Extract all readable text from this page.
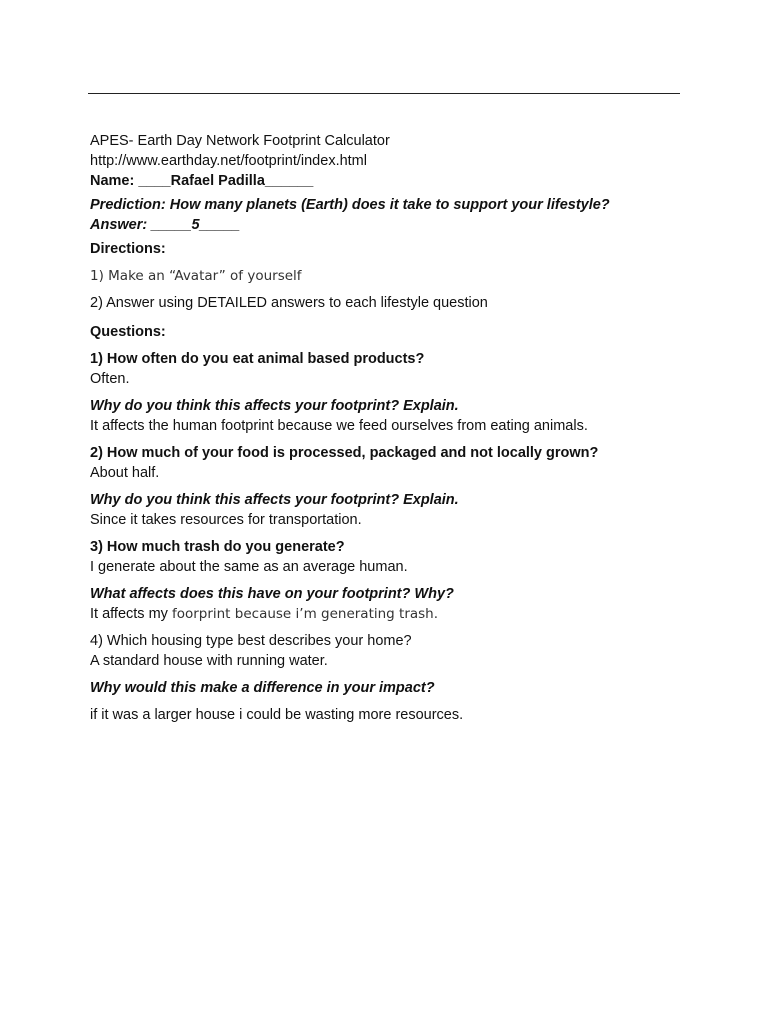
APES- Earth Day Network Footprint Calculator

http://www.earthday.net/footprint/index.html

Name: ____Rafael Padilla______

Prediction: How many planets (Earth) does it take to support your lifestyle?

Answer: _____5_____

Directions:

1) Make an “Avatar” of yourself

2) Answer using DETAILED answers to each lifestyle question

Questions:

1) How often do you eat animal based products?

Often.

Why do you think this affects your footprint? Explain.

It affects the human footprint because we feed ourselves from eating animals.

2) How much of your food is processed, packaged and not locally grown?

About half.

Why do you think this affects your footprint? Explain.

Since it takes resources for transportation.

3) How much trash do you generate?

I generate about the same as an average human.

What affects does this have on your footprint? Why?

It affects my foorprint because i’m generating trash.

4) Which housing type best describes your home?

A standard house with running water.

Why would this make a difference in your impact?

if it was a larger house i could be wasting more resources.
